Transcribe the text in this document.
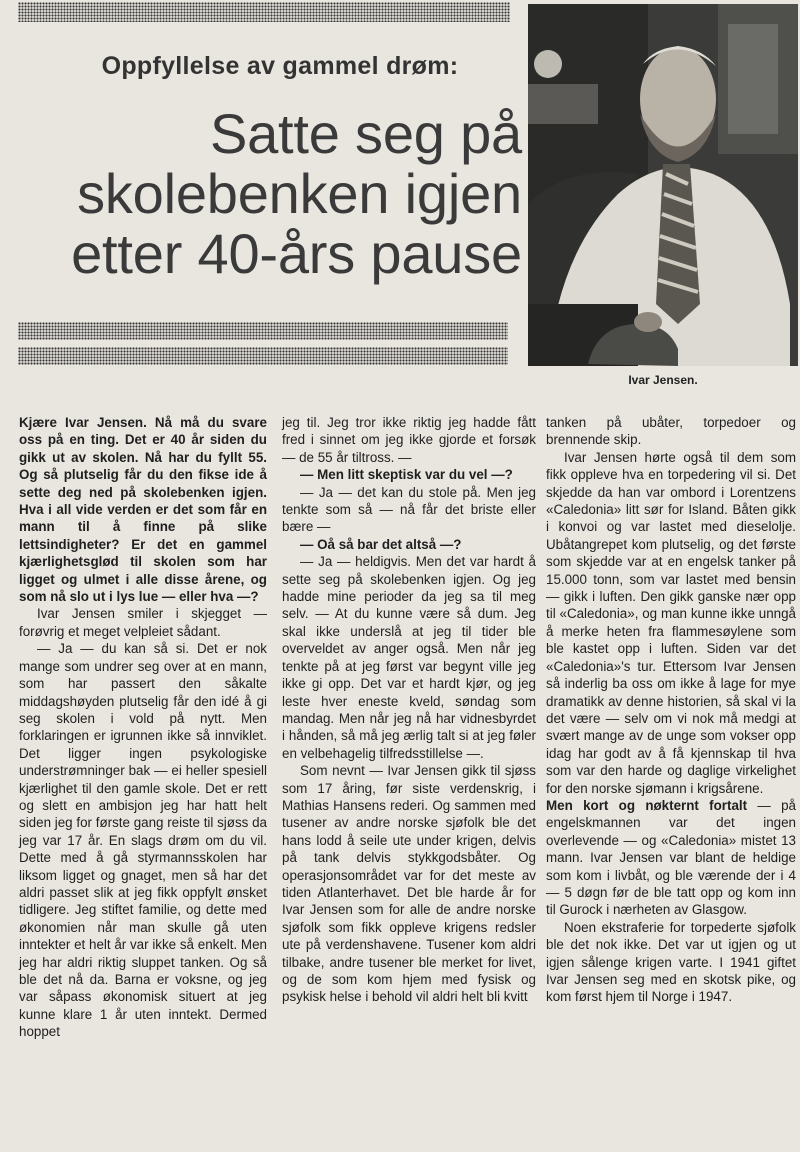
Oppfyllelse av gammel drøm:
Satte seg på
skolebenken igjen
etter 40-års pause
Ivar Jensen.

Kjære Ivar Jensen. Nå må du svare oss på en ting. Det er 40 år siden du gikk ut av skolen. Nå har du fyllt 55. Og så plutselig får du den fikse ide å sette deg ned på skolebenken igjen. Hva i all vide verden er det som får en mann til å finne på slike lettsindigheter? Er det en gammel kjærlighetsglød til skolen som har ligget og ulmet i alle disse årene, og som nå slo ut i lys lue — eller hva —?

Ivar Jensen smiler i skjegget — forøvrig et meget velpleiet sådant.

— Ja — du kan så si. Det er nok mange som undrer seg over at en mann, som har passert den såkalte middagshøyden plutselig får den idé å gi seg skolen i vold på nytt. Men forklaringen er igrunnen ikke så innviklet. Det ligger ingen psykologiske understrømninger bak — ei heller spesiell kjærlighet til den gamle skole. Det er rett og slett en ambisjon jeg har hatt helt siden jeg for første gang reiste til sjøss da jeg var 17 år. En slags drøm om du vil. Dette med å gå styrmannsskolen har liksom ligget og gnaget, men så har det aldri passet slik at jeg fikk oppfylt ønsket tidligere. Jeg stiftet familie, og dette med økonomien når man skulle gå uten inntekter et helt år var ikke så enkelt. Men jeg har aldri riktig sluppet tanken. Og så ble det nå da. Barna er voksne, og jeg var såpass økonomisk situert at jeg kunne klare 1 år uten inntekt. Dermed hoppet

jeg til. Jeg tror ikke riktig jeg hadde fått fred i sinnet om jeg ikke gjorde et forsøk — de 55 år tiltross. —

— Men litt skeptisk var du vel —?

— Ja — det kan du stole på. Men jeg tenkte som så — nå får det briste eller bære —

— Oå så bar det altså —?

— Ja — heldigvis. Men det var hardt å sette seg på skolebenken igjen. Og jeg hadde mine perioder da jeg sa til meg selv. — At du kunne være så dum. Jeg skal ikke underslå at jeg til tider ble overveldet av anger også. Men når jeg tenkte på at jeg først var begynt ville jeg ikke gi opp. Det var et hardt kjør, og jeg leste hver eneste kveld, søndag som mandag. Men når jeg nå har vidnesbyrdet i hånden, så må jeg ærlig talt si at jeg føler en velbehagelig tilfredsstillelse —.

Som nevnt — Ivar Jensen gikk til sjøss som 17 åring, før siste verdenskrig, i Mathias Hansens rederi. Og sammen med tusener av andre norske sjøfolk ble det hans lodd å seile ute under krigen, delvis på tank delvis stykkgodsbåter. Og operasjonsområdet var for det meste av tiden Atlanterhavet. Det ble harde år for Ivar Jensen som for alle de andre norske sjøfolk som fikk oppleve krigens redsler ute på verdenshavene. Tusener kom aldri tilbake, andre tusener ble merket for livet, og de som kom hjem med fysisk og psykisk helse i behold vil aldri helt bli kvitt

tanken på ubåter, torpedoer og brennende skip.

Ivar Jensen hørte også til dem som fikk oppleve hva en torpedering vil si. Det skjedde da han var ombord i Lorentzens «Caledonia» litt sør for Island. Båten gikk i konvoi og var lastet med dieselolje. Ubåtangrepet kom plutselig, og det første som skjedde var at en engelsk tanker på 15.000 tonn, som var lastet med bensin — gikk i luften. Den gikk ganske nær opp til «Caledonia», og man kunne ikke unngå å merke heten fra flammesøylene som ble kastet opp i luften. Siden var det «Caledonia»'s tur. Ettersom Ivar Jensen så inderlig ba oss om ikke å lage for mye dramatikk av denne historien, så skal vi la det være — selv om vi nok må medgi at svært mange av de unge som vokser opp idag har godt av å få kjennskap til hva som var den harde og daglige virkelighet for den norske sjømann i krigsårene.

Men kort og nøkternt fortalt — på engelskmannen var det ingen overlevende — og «Caledonia» mistet 13 mann. Ivar Jensen var blant de heldige som kom i livbåt, og ble værende der i 4 — 5 døgn før de ble tatt opp og kom inn til Gurock i nærheten av Glasgow.

Noen ekstraferie for torpederte sjøfolk ble det nok ikke. Det var ut igjen og ut igjen sålenge krigen varte. I 1941 giftet Ivar Jensen seg med en skotsk pike, og kom først hjem til Norge i 1947.
